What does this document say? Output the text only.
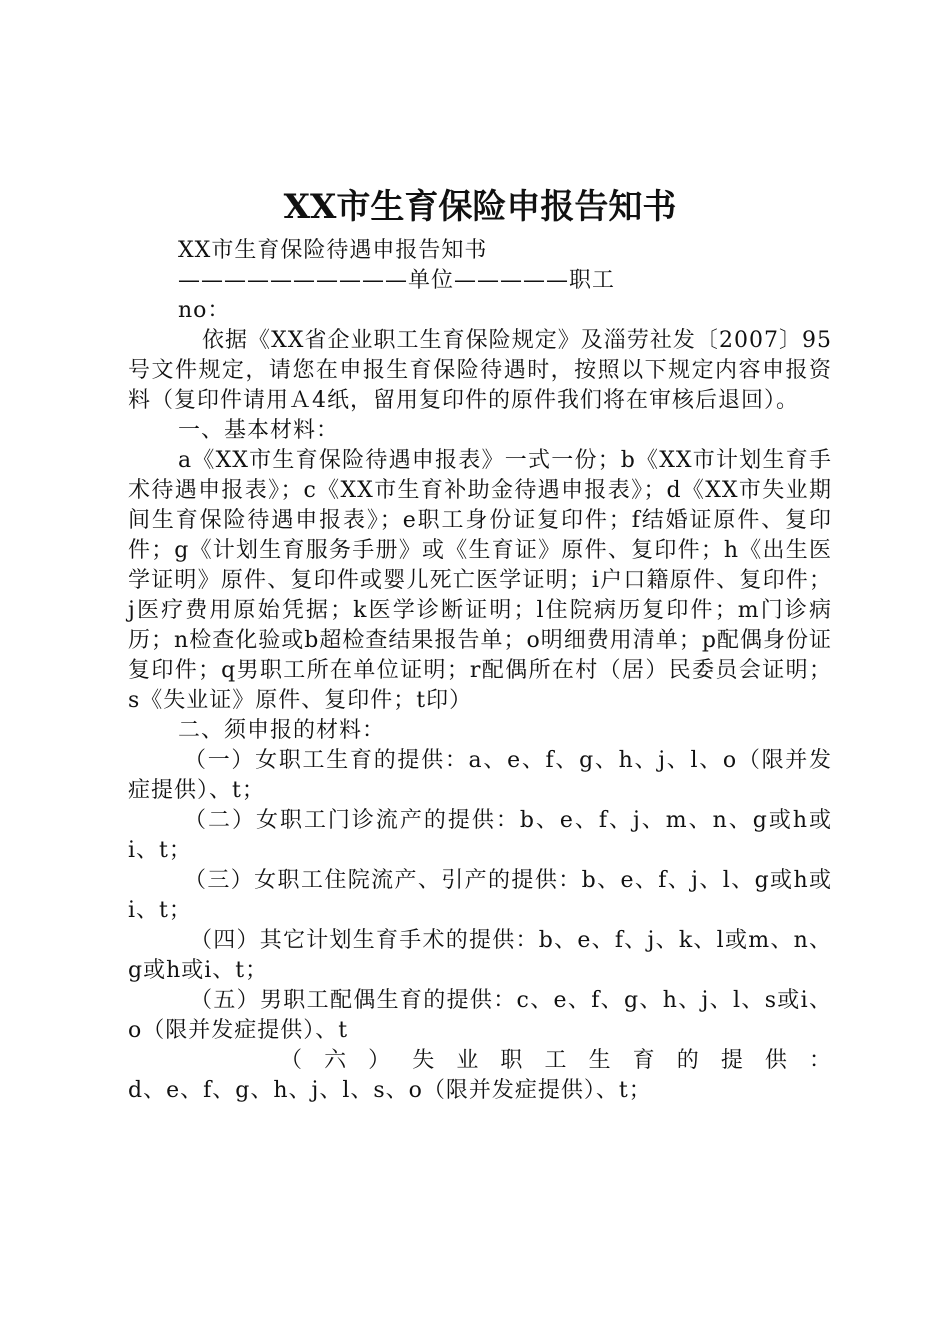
XX市生育保险申报告知书
XX市生育保险待遇申报告知书
——————————单位—————职工
no：
依据《XX省企业职工生育保险规定》及淄劳社发〔2007〕95号文件规定，请您在申报生育保险待遇时，按照以下规定内容申报资料（复印件请用Ａ4纸，留用复印件的原件我们将在审核后退回）。
一、基本材料：
a《XX市生育保险待遇申报表》一式一份；b《XX市计划生育手术待遇申报表》；c《XX市生育补助金待遇申报表》；d《XX市失业期间生育保险待遇申报表》；e职工身份证复印件；f结婚证原件、复印件；g《计划生育服务手册》或《生育证》原件、复印件；h《出生医学证明》原件、复印件或婴儿死亡医学证明；i户口籍原件、复印件；j医疗费用原始凭据；k医学诊断证明；l住院病历复印件；m门诊病历；n检查化验或b超检查结果报告单；o明细费用清单；p配偶身份证复印件；q男职工所在单位证明；r配偶所在村（居）民委员会证明；s《失业证》原件、复印件；t印）
二、须申报的材料：
（一）女职工生育的提供：a、e、f、g、h、j、l、o（限并发症提供）、t；
（二）女职工门诊流产的提供：b、e、f、j、m、n、g或h或i、t；
（三）女职工住院流产、引产的提供：b、e、f、j、l、g或h或i、t；
（四）其它计划生育手术的提供：b、e、f、j、k、l或m、n、g或h或i、t；
（五）男职工配偶生育的提供：c、e、f、g、h、j、l、s或i、o（限并发症提供）、t
（六）失业职工生育的提供：
d、e、f、g、h、j、l、s、o（限并发症提供）、t；
